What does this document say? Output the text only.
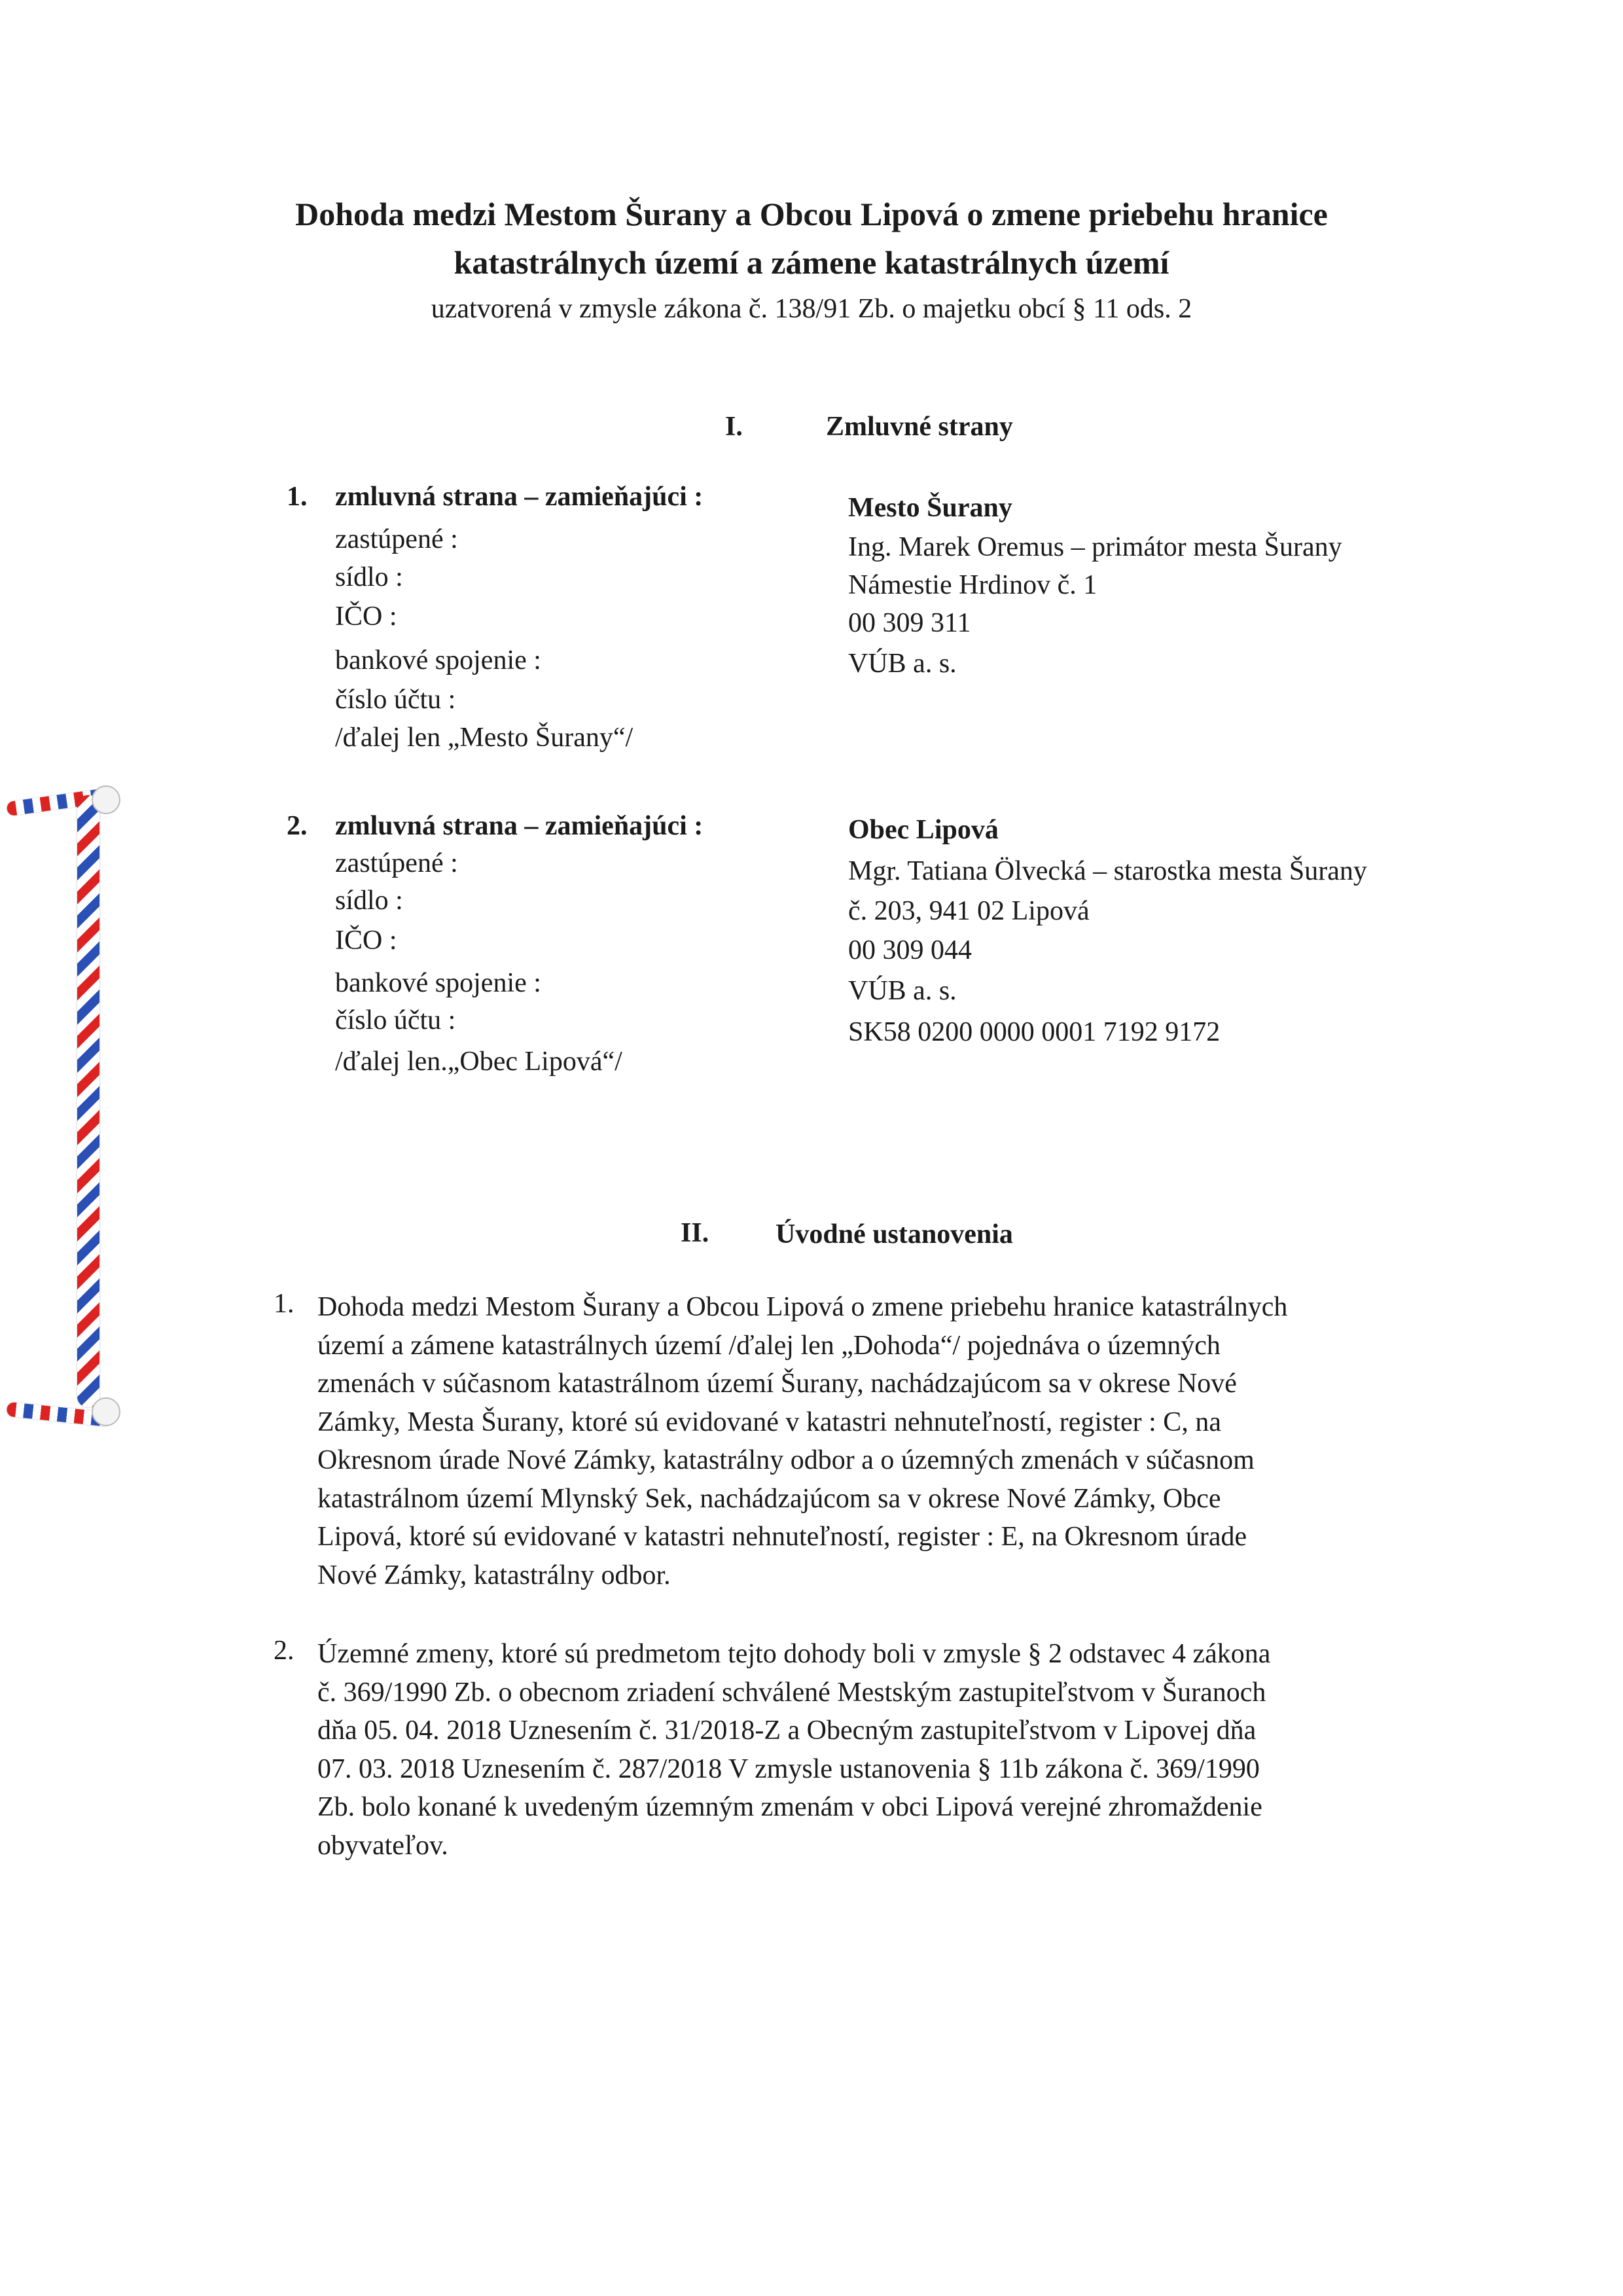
Dohoda medzi Mestom Šurany a Obcou Lipová o zmene priebehu hranice
katastrálnych území a zámene katastrálnych území
uzatvorená v zmysle zákona č. 138/91 Zb. o majetku obcí § 11 ods. 2
I.	Zmluvné strany
1. zmluvná strana – zamieňajúci :	Mesto Šurany
zastúpené :	Ing. Marek Oremus – primátor mesta Šurany
sídlo :	Námestie Hrdinov č. 1
IČO :	00 309 311
bankové spojenie :	VÚB a. s.
číslo účtu :
/ďalej len „Mesto Šurany“/
2. zmluvná strana – zamieňajúci :	Obec Lipová
zastúpené :	Mgr. Tatiana Ölvecká – starostka mesta Šurany
sídlo :	č. 203, 941 02 Lipová
IČO :	00 309 044
bankové spojenie :	VÚB a. s.
číslo účtu :	SK58 0200 0000 0001 7192 9172
/ďalej len.„Obec Lipová“/
II. Úvodné ustanovenia
1. Dohoda medzi Mestom Šurany a Obcou Lipová o zmene priebehu hranice katastrálnych
území a zámene katastrálnych území /ďalej len „Dohoda“/ pojednáva o územných
zmenách v súčasnom katastrálnom území Šurany, nachádzajúcom sa v okrese Nové
Zámky, Mesta Šurany, ktoré sú evidované v katastri nehnuteľností, register : C, na
Okresnom úrade Nové Zámky, katastrálny odbor a o územných zmenách v súčasnom
katastrálnom území Mlynský Sek, nachádzajúcom sa v okrese Nové Zámky, Obce
Lipová, ktoré sú evidované v katastri nehnuteľností, register : E, na Okresnom úrade
Nové Zámky, katastrálny odbor.
2. Územné zmeny, ktoré sú predmetom tejto dohody boli v zmysle § 2 odstavec 4 zákona
č. 369/1990 Zb. o obecnom zriadení schválené Mestským zastupiteľstvom v Šuranoch
dňa 05. 04. 2018 Uznesením č. 31/2018-Z a Obecným zastupiteľstvom v Lipovej dňa
07. 03. 2018 Uznesením č. 287/2018 V zmysle ustanovenia § 11b zákona č. 369/1990
Zb. bolo konané k uvedeným územným zmenám v obci Lipová verejné zhromaždenie
obyvateľov.
